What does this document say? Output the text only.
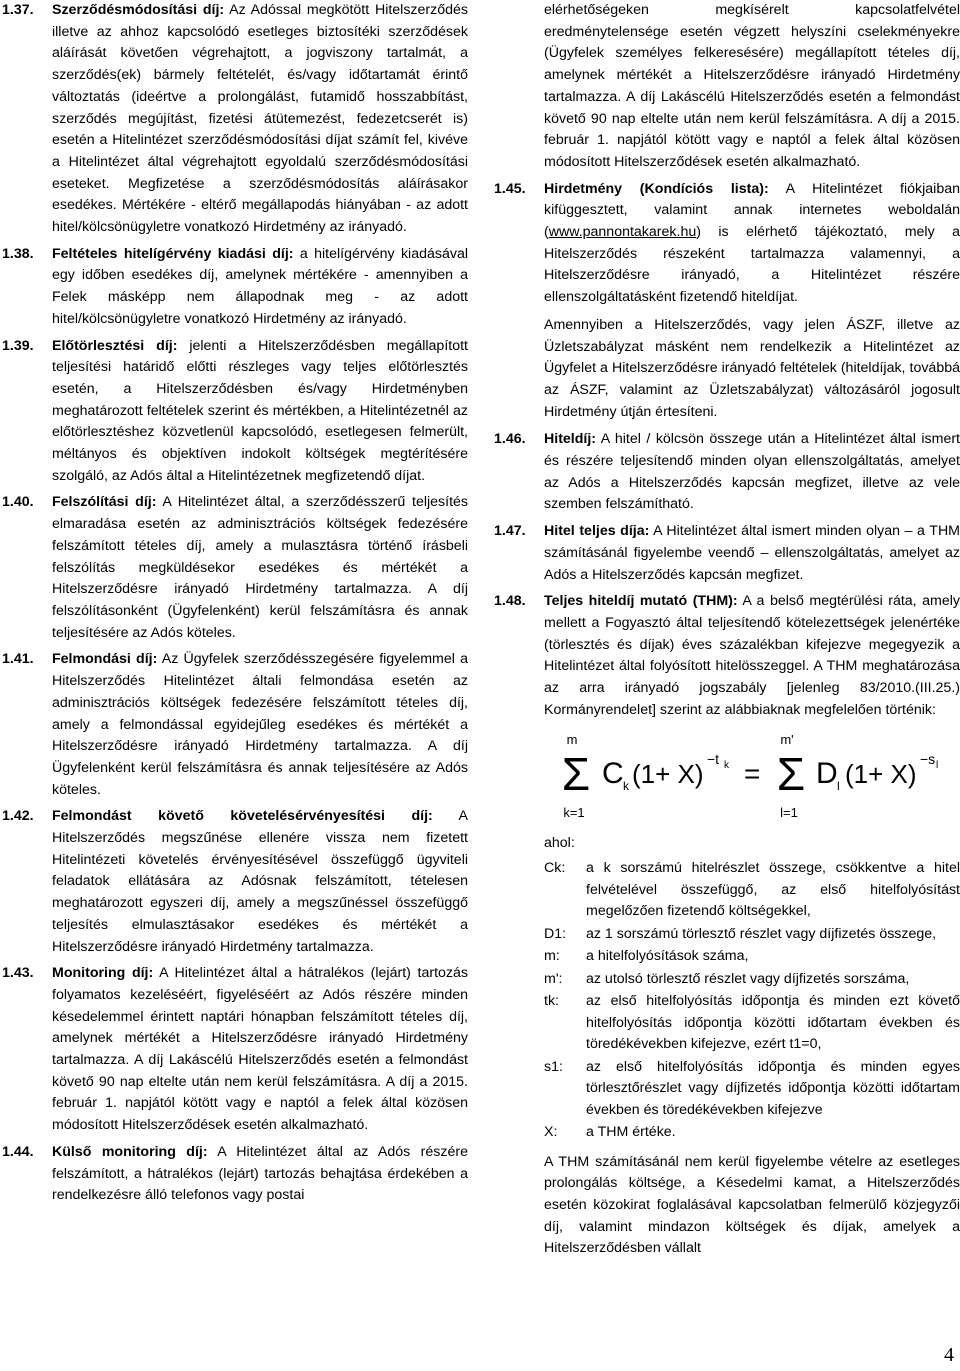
1.37. Szerződésmódosítási díj: Az Adóssal megkötött Hitelszerződés illetve az ahhoz kapcsolódó esetleges biztosítéki szerződések aláírását követően végrehajtott, a jogviszony tartalmát, a szerződés(ek) bármely feltételét, és/vagy időtartamát érintő változtatás (ideértve a prolongálást, futamidő hosszabbítást, szerződés megújítást, fizetési átütemezést, fedezetcserét is) esetén a Hitelintézet szerződésmódosítási díjat számít fel, kivéve a Hitelintézet által végrehajtott egyoldalú szerződésmódosítási eseteket. Megfizetése a szerződésmódosítás aláírásakor esedékes. Mértékére - eltérő megállapodás hiányában - az adott hitel/kölcsönügyletre vonatkozó Hirdetmény az irányadó.
1.38. Feltételes hitelígérvény kiadási díj: a hitelígérvény kiadásával egy időben esedékes díj, amelynek mértékére - amennyiben a Felek másképp nem állapodnak meg - az adott hitel/kölcsönügyletre vonatkozó Hirdetmény az irányadó.
1.39. Előtörlesztési díj: jelenti a Hitelszerződésben megállapított teljesítési határidő előtti részleges vagy teljes előtörlesztés esetén, a Hitelszerződésben és/vagy Hirdetményben meghatározott feltételek szerint és mértékben, a Hitelintézetnél az előtörlesztéshez közvetlenül kapcsolódó, esetlegesen felmerült, méltányos és objektíven indokolt költségek megtérítésére szolgáló, az Adós által a Hitelintézetnek megfizetendő díjat.
1.40. Felszólítási díj: A Hitelintézet által, a szerződésszerű teljesítés elmaradása esetén az adminisztrációs költségek fedezésére felszámított tételes díj, amely a mulasztásra történő írásbeli felszólítás megküldésekor esedékes és mértékét a Hitelszerződésre irányadó Hirdetmény tartalmazza. A díj felszólításonként (Ügyfelenként) kerül felszámításra és annak teljesítésére az Adós köteles.
1.41. Felmondási díj: Az Ügyfelek szerződésszegésére figyelemmel a Hitelszerződés Hitelintézet általi felmondása esetén az adminisztrációs költségek fedezésére felszámított tételes díj, amely a felmondással egyidejűleg esedékes és mértékét a Hitelszerződésre irányadó Hirdetmény tartalmazza. A díj Ügyfelenként kerül felszámításra és annak teljesítésére az Adós köteles.
1.42. Felmondást követő követelésérvényesítési díj: A Hitelszerződés megszűnése ellenére vissza nem fizetett Hitelintézeti követelés érvényesítésével összefüggő ügyviteli feladatok ellátására az Adósnak felszámított, tételesen meghatározott egyszeri díj, amely a megszűnéssel összefüggő teljesítés elmulasztásakor esedékes és mértékét a Hitelszerződésre irányadó Hirdetmény tartalmazza.
1.43. Monitoring díj: A Hitelintézet által a hátralékos (lejárt) tartozás folyamatos kezeléséért, figyeléséért az Adós részére minden késedelemmel érintett naptári hónapban felszámított tételes díj, amelynek mértékét a Hitelszerződésre irányadó Hirdetmény tartalmazza. A díj Lakáscélú Hitelszerződés esetén a felmondást követő 90 nap eltelte után nem kerül felszámításra. A díj a 2015. február 1. napjától kötött vagy e naptól a felek által közösen módosított Hitelszerződések esetén alkalmazható.
1.44. Külső monitoring díj: A Hitelintézet által az Adós részére felszámított, a hátralékos (lejárt) tartozás behajtása érdekében a rendelkezésre álló telefonos vagy postai
elérhetőségeken megkísérelt kapcsolatfelvétel eredménytelensége esetén végzett helyszíni cselekményekre (Ügyfelek személyes felkeresésére) megállapított tételes díj, amelynek mértékét a Hitelszerződésre irányadó Hirdetmény tartalmazza. A díj Lakáscélú Hitelszerződés esetén a felmondást követő 90 nap eltelte után nem kerül felszámításra. A díj a 2015. február 1. napjától kötött vagy e naptól a felek által közösen módosított Hitelszerződések esetén alkalmazható.
1.45. Hirdetmény (Kondíciós lista): A Hitelintézet fiókjaiban kifüggesztett, valamint annak internetes weboldalán (www.pannontakarek.hu) is elérhető tájékoztató, mely a Hitelszerződés részeként tartalmazza valamennyi, a Hitelszerződésre irányadó, a Hitelintézet részére ellenszolgáltatásként fizetendő hiteldíjat.
Amennyiben a Hitelszerződés, vagy jelen ÁSZF, illetve az Üzletszabályzat másként nem rendelkezik a Hitelintézet az Ügyfelet a Hitelszerződésre irányadó feltételek (hiteldíjak, továbbá az ÁSZF, valamint az Üzletszabályzat) változásáról jogosult Hirdetmény útján értesíteni.
1.46. Hiteldíj: A hitel / kölcsön összege után a Hitelintézet által ismert és részére teljesítendő minden olyan ellenszolgáltatás, amelyet az Adós a Hitelszerződés kapcsán megfizet, illetve az vele szemben felszámítható.
1.47. Hitel teljes díja: A Hitelintézet által ismert minden olyan – a THM számításánál figyelembe veendő – ellenszolgáltatás, amelyet az Adós a Hitelszerződés kapcsán megfizet.
1.48. Teljes hiteldíj mutató (THM): A a belső megtérülési ráta, amely mellett a Fogyasztó által teljesítendő kötelezettségek jelenértéke (törlesztés és díjak) éves százalékban kifejezve megegyezik a Hitelintézet által folyósított hitelösszeggel. A THM meghatározása az arra irányadó jogszabály [jelenleg 83/2010.(III.25.) Kormányrendelet] szerint az alábbiaknak megfelelően történik:
m
Σ
k=1
C k (1+ X) −t k =
m'
Σ
l=1
D l (1+ X) −s l
ahol:
Ck:	a k sorszámú hitelrészlet összege, csökkentve a hitel felvételével összefüggő, az első hitelfolyósítást megelőzően fizetendő költségekkel,
D1:	az 1 sorszámú törlesztő részlet vagy díjfizetés összege,
m:	a hitelfolyósítások száma,
m':	az utolsó törlesztő részlet vagy díjfizetés sorszáma,
tk:	az első hitelfolyósítás időpontja és minden ezt követő hitelfolyósítás időpontja közötti időtartam években és töredékévekben kifejezve, ezért t1=0,
s1:	az első hitelfolyósítás időpontja és minden egyes törlesztőrészlet vagy díjfizetés időpontja közötti időtartam években és töredékévekben kifejezve
X:	a THM értéke.
A THM számításánál nem kerül figyelembe vételre az esetleges prolongálás költsége, a Késedelmi kamat, a Hitelszerződés esetén közokirat foglalásával kapcsolatban felmerülő közjegyzői díj, valamint mindazon költségek és díjak, amelyek a Hitelszerződésben vállalt
4
